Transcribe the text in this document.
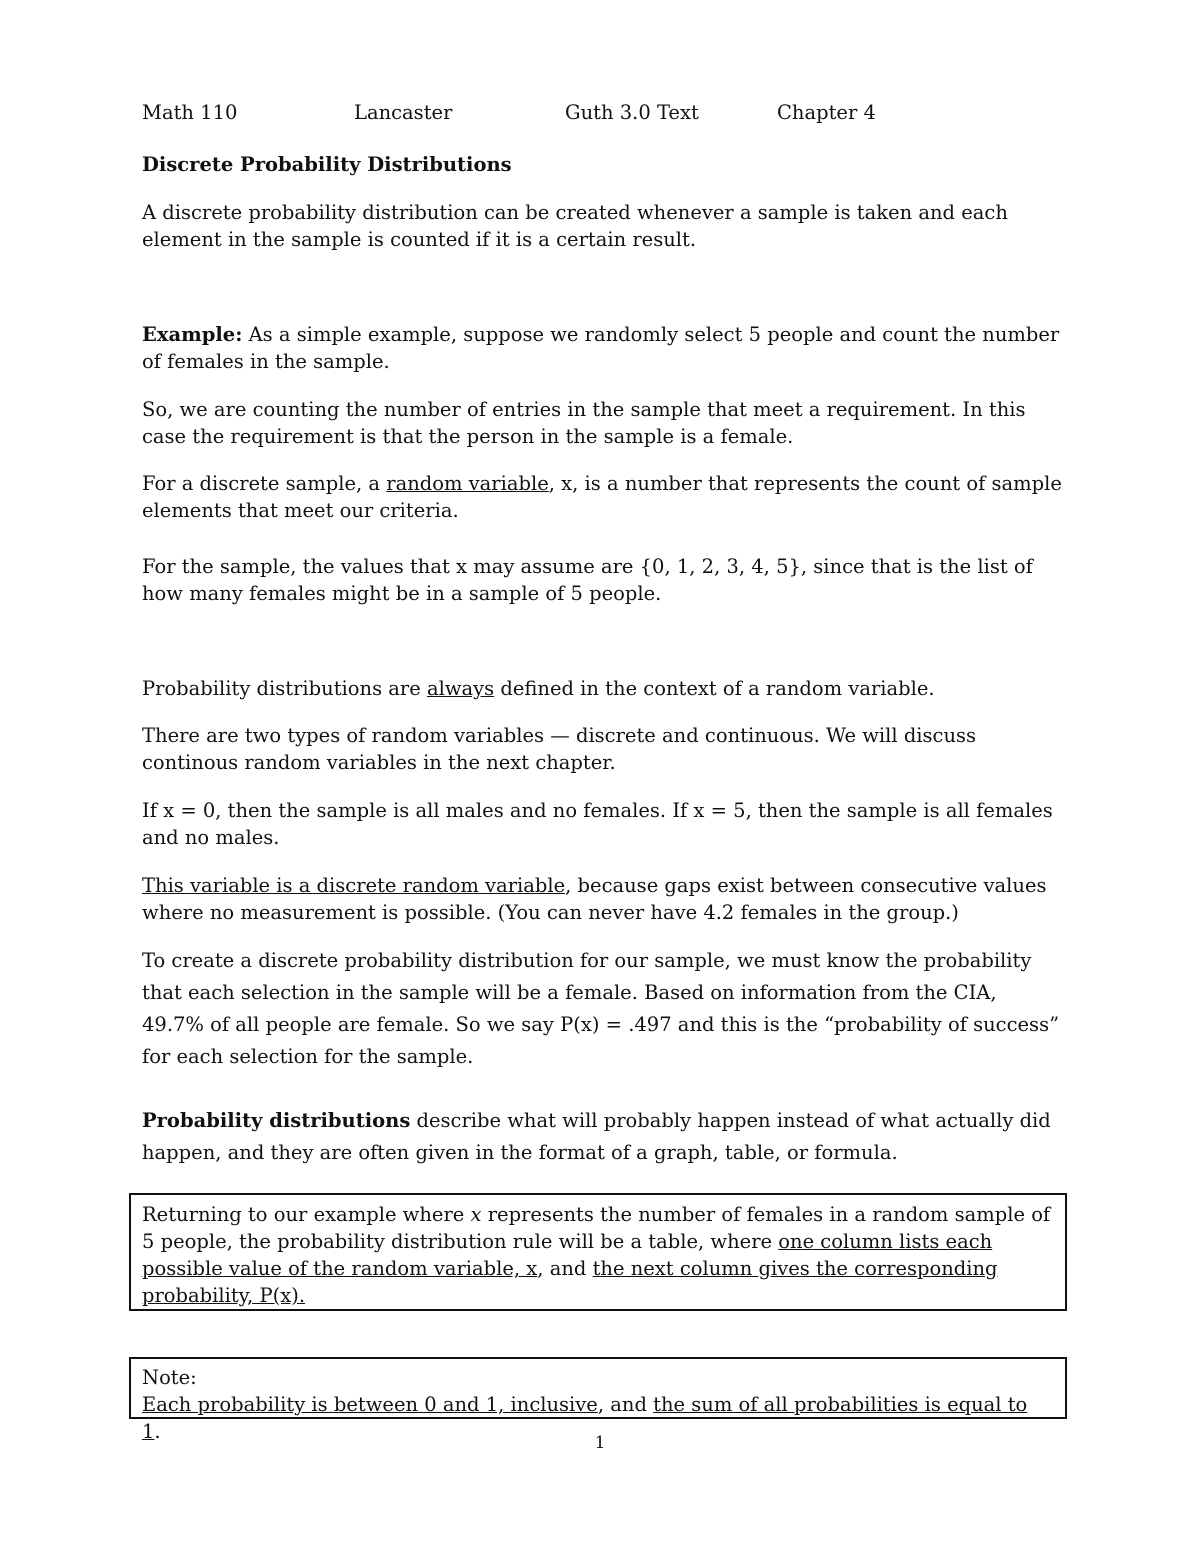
Math 110	Lancaster	Guth 3.0 Text	Chapter 4
Discrete Probability Distributions
A discrete probability distribution can be created whenever a sample is taken and each element in the sample is counted if it is a certain result.
Example: As a simple example, suppose we randomly select 5 people and count the number of females in the sample.
So, we are counting the number of entries in the sample that meet a requirement. In this case the requirement is that the person in the sample is a female.
For a discrete sample, a random variable, x, is a number that represents the count of sample elements that meet our criteria.
For the sample, the values that x may assume are {0, 1, 2, 3, 4, 5}, since that is the list of how many females might be in a sample of 5 people.
Probability distributions are always defined in the context of a random variable.
There are two types of random variables — discrete and continuous. We will discuss continous random variables in the next chapter.
If x = 0, then the sample is all males and no females. If x = 5, then the sample is all females and no males.
This variable is a discrete random variable, because gaps exist between consecutive values where no measurement is possible. (You can never have 4.2 females in the group.)
To create a discrete probability distribution for our sample, we must know the probability that each selection in the sample will be a female. Based on information from the CIA, 49.7% of all people are female. So we say P(x) = .497 and this is the “probability of success” for each selection for the sample.
Probability distributions describe what will probably happen instead of what actually did happen, and they are often given in the format of a graph, table, or formula.
Returning to our example where x represents the number of females in a random sample of 5 people, the probability distribution rule will be a table, where one column lists each possible value of the random variable, x, and the next column gives the corresponding probability, P(x).
Note:
Each probability is between 0 and 1, inclusive, and the sum of all probabilities is equal to 1.	1
